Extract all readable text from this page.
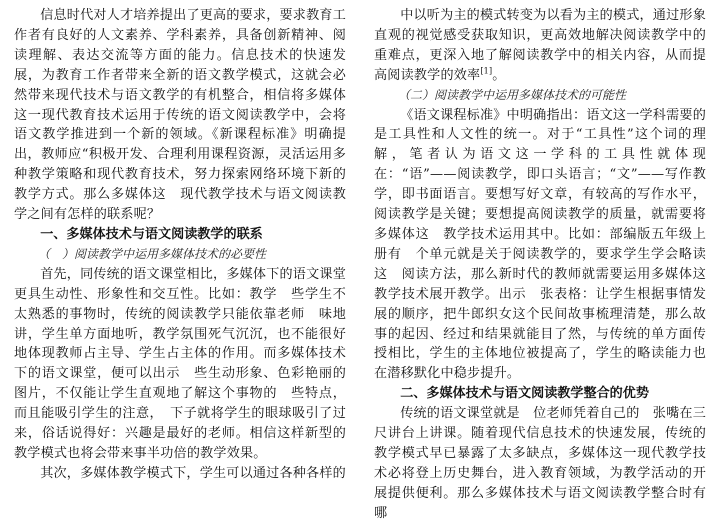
信息时代对人才培养提出了更高的要求，要求教育工作者有良好的人文素养、学科素养，具备创新精神、阅读理解、表达交流等方面的能力。信息技术的快速发展，为教育工作者带来全新的语文教学模式，这就会必然带来现代技术与语文教学的有机整合，相信将多媒体这一现代教育技术运用于传统的语文阅读教学中，会将语文教学推进到一个新的领域。《新课程标准》明确提出，教师应“积极开发、合理利用课程资源，灵活运用多种教学策略和现代教育技术，努力探索网络环境下新的教学方式。那么多媒体这　现代教学技术与语文阅读教学之间有怎样的联系呢？

一、多媒体技术与语文阅读教学的联系
（　）阅读教学中运用多媒体技术的必要性

首先，同传统的语文课堂相比，多媒体下的语文课堂更具生动性、形象性和交互性。比如：教学　些学生不太熟悉的事物时，传统的阅读教学只能依靠老师　味地讲，学生单方面地听，教学氛围死气沉沉，也不能很好地体现教师占主导、学生占主体的作用。而多媒体技术下的语文课堂，便可以出示　些生动形象、色彩艳丽的图片，不仅能让学生直观地了解这个事物的　些特点，而且能吸引学生的注意，　下子就将学生的眼球吸引了过来，俗话说得好：兴趣是最好的老师。相信这样新型的教学模式也将会带来事半功倍的教学效果。

其次，多媒体教学模式下，学生可以通过各种各样的

中以听为主的模式转变为以看为主的模式，通过形象直观的视觉感受获取知识，更高效地解决阅读教学中的重难点，更深入地了解阅读教学中的相关内容，从而提高阅读教学的效率[1]。

（二）阅读教学中运用多媒体技术的可能性

《语文课程标准》中明确指出：语文这一学科需要的是工具性和人文性的统一。对于“工具性”这个词的理解，笔者认为语文这一学科的工具性就体现在：“语”——阅读教学，即口头语言；“文”——写作教学，即书面语言。要想写好文章，有较高的写作水平，阅读教学是关键；要想提高阅读教学的质量，就需要将多媒体这　教学技术运用其中。比如：部编版五年级上册有　个单元就是关于阅读教学的，要求学生学会略读这　阅读方法，那么新时代的教师就需要运用多媒体这　教学技术展开教学。出示　张表格：让学生根据事情发展的顺序，把牛郎织女这个民间故事梳理清楚，那么故事的起因、经过和结果就能目了然，与传统的单方面传授相比，学生的主体地位被提高了，学生的略读能力也在潜移默化中稳步提升。

二、多媒体技术与语文阅读教学整合的优势

传统的语文课堂就是　位老师凭着自己的　张嘴在三尺讲台上讲课。随着现代信息技术的快速发展，传统的教学模式早已暴露了太多缺点，多媒体这一现代教学技术必将登上历史舞台，进入教育领域，为教学活动的开展提供便利。那么多媒体技术与语文阅读教学整合时有哪
